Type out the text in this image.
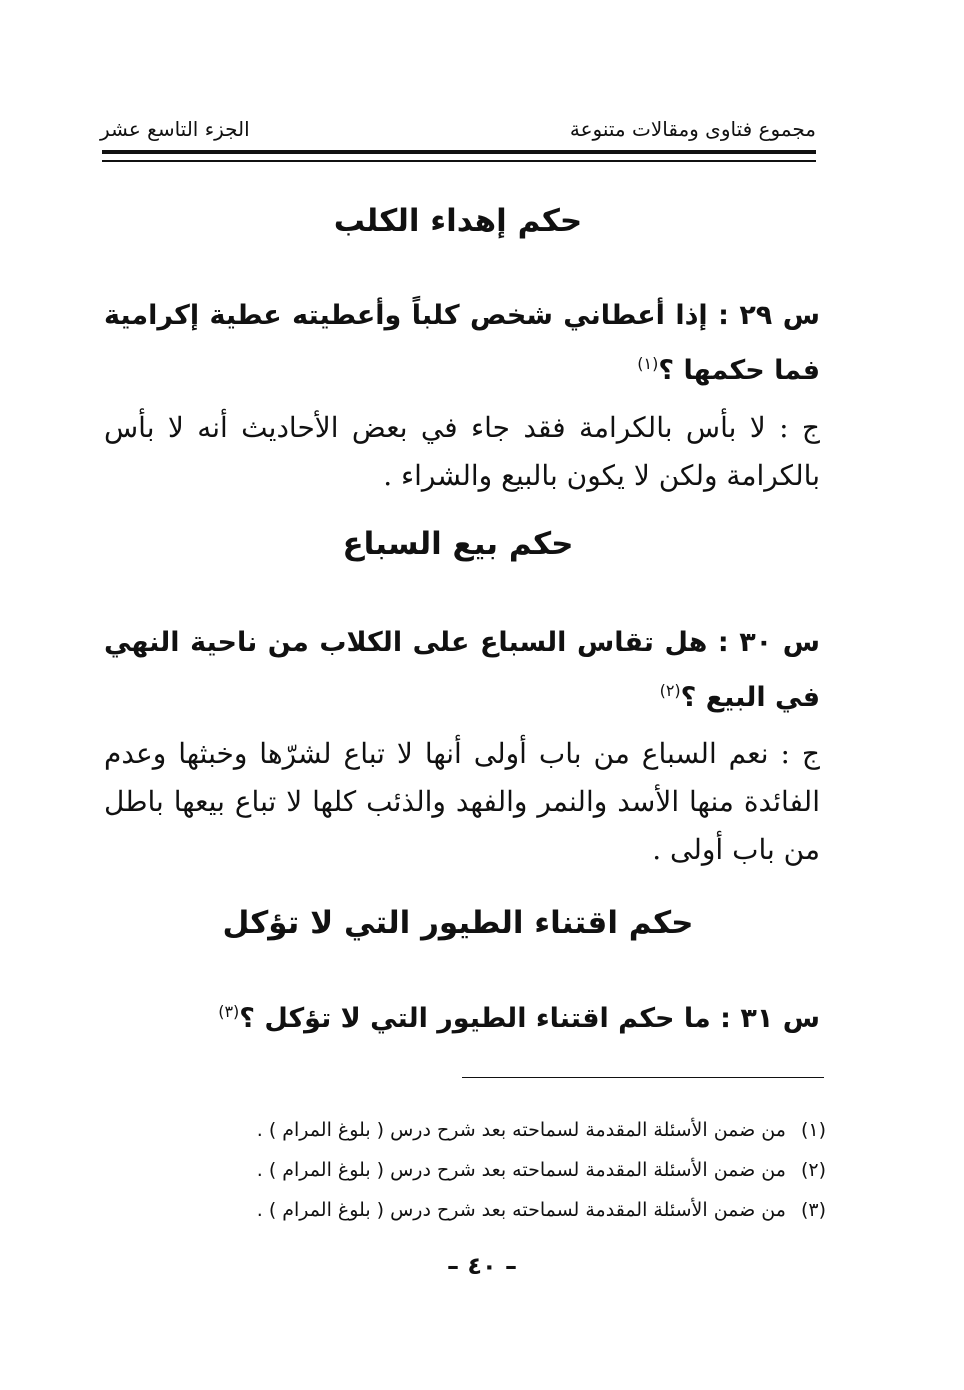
مجموع فتاوى ومقالات متنوعة
الجزء التاسع عشر
حكم إهداء الكلب
س ٢٩ : إذا أعطاني شخص كلباً وأعطيته عطية إكرامية فما حكمها ؟$^{(١)}$
ج : لا بأس بالكرامة فقد جاء في بعض الأحاديث أنه لا بأس بالكرامة ولكن لا يكون بالبيع والشراء .
حكم بيع السباع
س ٣٠ : هل تقاس السباع على الكلاب من ناحية النهي في البيع ؟$^{(٢)}$
ج : نعم السباع من باب أولى أنها لا تباع لشرّها وخبثها وعدم الفائدة منها الأسد والنمر والفهد والذئب كلها لا تباع بيعها باطل من باب أولى .
حكم اقتناء الطيور التي لا تؤكل
س ٣١ : ما حكم اقتناء الطيور التي لا تؤكل ؟$^{(٣)}$
(١) من ضمن الأسئلة المقدمة لسماحته بعد شرح درس ( بلوغ المرام ) .
(٢) من ضمن الأسئلة المقدمة لسماحته بعد شرح درس ( بلوغ المرام ) .
(٣) من ضمن الأسئلة المقدمة لسماحته بعد شرح درس ( بلوغ المرام ) .
– ٤٠ –
